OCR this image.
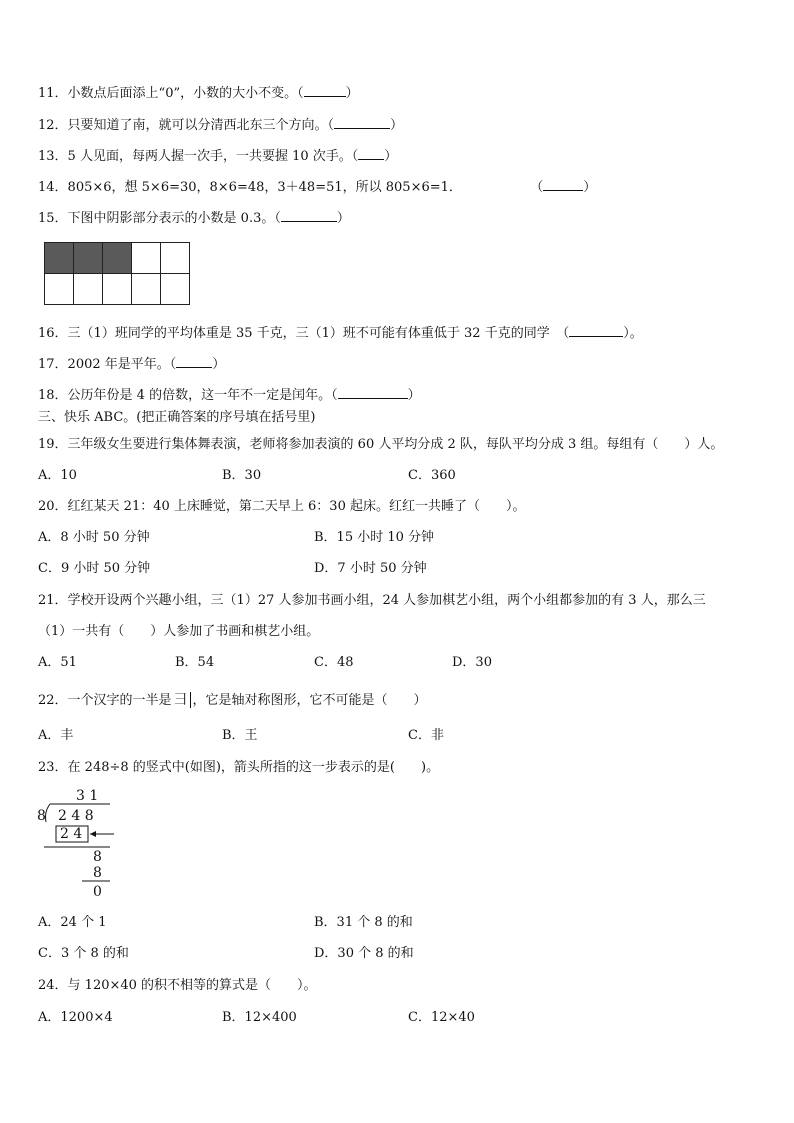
11．小数点后面添上“0”，小数的大小不变。（	）
12．只要知道了南，就可以分清西北东三个方向。（	）
13．5 人见面，每两人握一次手，一共要握 10 次手。（ ）
14．805×6，想 5×6=30，8×6=48，3＋48=51，所以 805×6=1．	（	）
15．下图中阴影部分表示的小数是 0.3。（	）

16．三（1）班同学的平均体重是 35 千克，三（1）班不可能有体重低于 32 千克的同学　（	）。
17．2002 年是平年。（	）
18．公历年份是 4 的倍数，这一年不一定是闰年。（	）
三、快乐 ABC。(把正确答案的序号填在括号里)
19．三年级女生要进行集体舞表演，老师将参加表演的 60 人平均分成 2 队，每队平均分成 3 组。每组有（　　）人。
A．10	B．30	C．360
20．红红某天 21：40 上床睡觉，第二天早上 6：30 起床。红红一共睡了（　　）。
A．8 小时 50 分钟	B．15 小时 10 分钟
C．9 小时 50 分钟	D．7 小时 50 分钟
21．学校开设两个兴趣小组，三（1）27 人参加书画小组，24 人参加棋艺小组，两个小组都参加的有 3 人，那么三
（1）一共有（　　）人参加了书画和棋艺小组。
A．51	B．54	C．48	D．30
22．一个汉字的一半是 彐 ，它是轴对称图形，它不可能是（　　）
A．丰	B．王	C．非
23．在 248÷8 的竖式中(如图)，箭头所指的这一步表示的是(　　)。
3 1
8 2 4 8
2 4
8
8
0
A．24 个 1	B．31 个 8 的和
C．3 个 8 的和	D．30 个 8 的和
24．与 120×40 的积不相等的算式是（　　）。
A．1200×4	B．12×400	C．12×40
